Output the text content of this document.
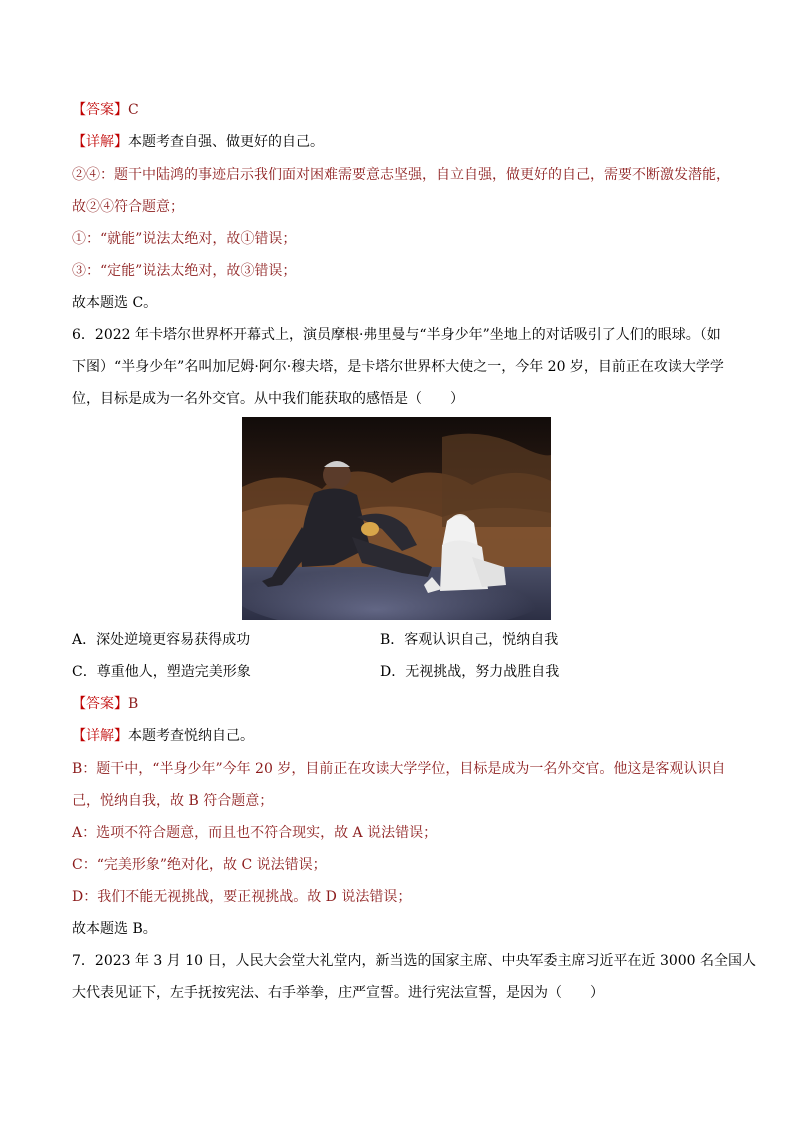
【答案】C
【详解】本题考查自强、做更好的自己。
②④：题干中陆鸿的事迹启示我们面对困难需要意志坚强，自立自强，做更好的自己，需要不断激发潜能，
故②④符合题意；
①：“就能”说法太绝对，故①错误；
③：“定能”说法太绝对，故③错误；
故本题选 C。
6．2022 年卡塔尔世界杯开幕式上，演员摩根·弗里曼与“半身少年”坐地上的对话吸引了人们的眼球。（如
下图）“半身少年”名叫加尼姆·阿尔·穆夫塔，是卡塔尔世界杯大使之一，今年 20 岁，目前正在攻读大学学
位，目标是成为一名外交官。从中我们能获取的感悟是（　　）
A．深处逆境更容易获得成功	B．客观认识自己，悦纳自我
C．尊重他人，塑造完美形象	D．无视挑战，努力战胜自我
【答案】B
【详解】本题考查悦纳自己。
B：题干中，“半身少年”今年 20 岁，目前正在攻读大学学位，目标是成为一名外交官。他这是客观认识自
己，悦纳自我，故 B 符合题意；
A：选项不符合题意，而且也不符合现实，故 A 说法错误；
C：“完美形象”绝对化，故 C 说法错误；
D：我们不能无视挑战，要正视挑战。故 D 说法错误；
故本题选 B。
7．2023 年 3 月 10 日，人民大会堂大礼堂内，新当选的国家主席、中央军委主席习近平在近 3000 名全国人
大代表见证下，左手抚按宪法、右手举拳，庄严宣誓。进行宪法宣誓，是因为（　　）
